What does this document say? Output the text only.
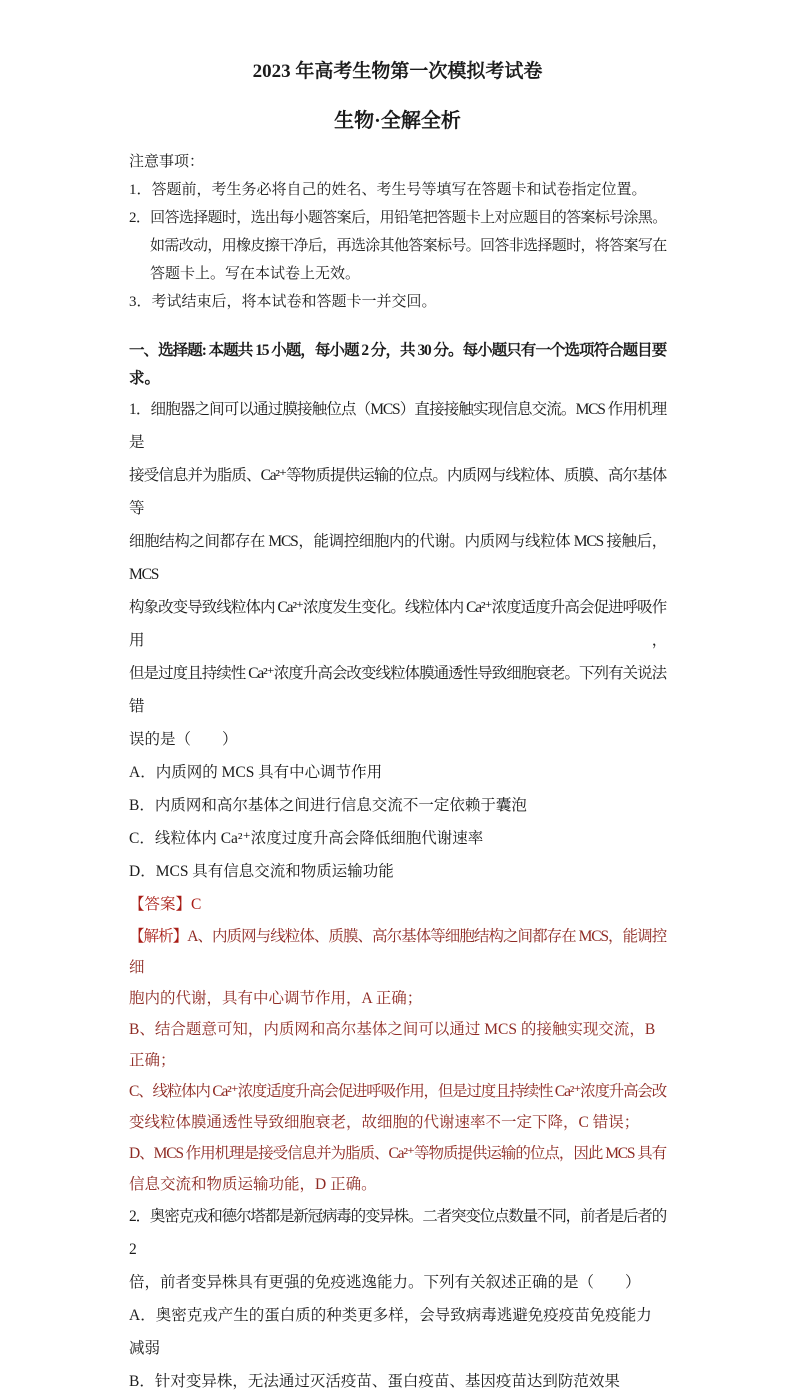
2023 年高考生物第一次模拟考试卷
生物·全解全析
注意事项：
1．答题前，考生务必将自己的姓名、考生号等填写在答题卡和试卷指定位置。
2．回答选择题时，选出每小题答案后，用铅笔把答题卡上对应题目的答案标号涂黑。
如需改动，用橡皮擦干净后，再选涂其他答案标号。回答非选择题时，将答案写在
答题卡上。写在本试卷上无效。
3．考试结束后，将本试卷和答题卡一并交回。
一、选择题: 本题共 15 小题，每小题 2 分，共 30 分。每小题只有一个选项符合题目要
求。
1．细胞器之间可以通过膜接触位点（MCS）直接接触实现信息交流。MCS 作用机理是
接受信息并为脂质、Ca²⁺等物质提供运输的位点。内质网与线粒体、质膜、高尔基体等
细胞结构之间都存在 MCS，能调控细胞内的代谢。内质网与线粒体 MCS 接触后，MCS
构象改变导致线粒体内 Ca²⁺浓度发生变化。线粒体内 Ca²⁺浓度适度升高会促进呼吸作用，
但是过度且持续性 Ca²⁺浓度升高会改变线粒体膜通透性导致细胞衰老。下列有关说法错
误的是（　　）
A．内质网的 MCS 具有中心调节作用
B．内质网和高尔基体之间进行信息交流不一定依赖于囊泡
C．线粒体内 Ca²⁺浓度过度升高会降低细胞代谢速率
D．MCS 具有信息交流和物质运输功能
【答案】C
【解析】A、内质网与线粒体、质膜、高尔基体等细胞结构之间都存在 MCS，能调控细
胞内的代谢，具有中心调节作用，A 正确；
B、结合题意可知，内质网和高尔基体之间可以通过 MCS 的接触实现交流，B 正确；
C、线粒体内 Ca²⁺浓度适度升高会促进呼吸作用，但是过度且持续性 Ca²⁺浓度升高会改
变线粒体膜通透性导致细胞衰老，故细胞的代谢速率不一定下降，C 错误；
D、MCS 作用机理是接受信息并为脂质、Ca²⁺等物质提供运输的位点，因此 MCS 具有
信息交流和物质运输功能，D 正确。
2．奥密克戎和德尔塔都是新冠病毒的变异株。二者突变位点数量不同，前者是后者的 2
倍，前者变异株具有更强的免疫逃逸能力。下列有关叙述正确的是（　　）
A．奥密克戎产生的蛋白质的种类更多样，会导致病毒逃避免疫疫苗免疫能力减弱
B．针对变异株，无法通过灭活疫苗、蛋白疫苗、基因疫苗达到防范效果
